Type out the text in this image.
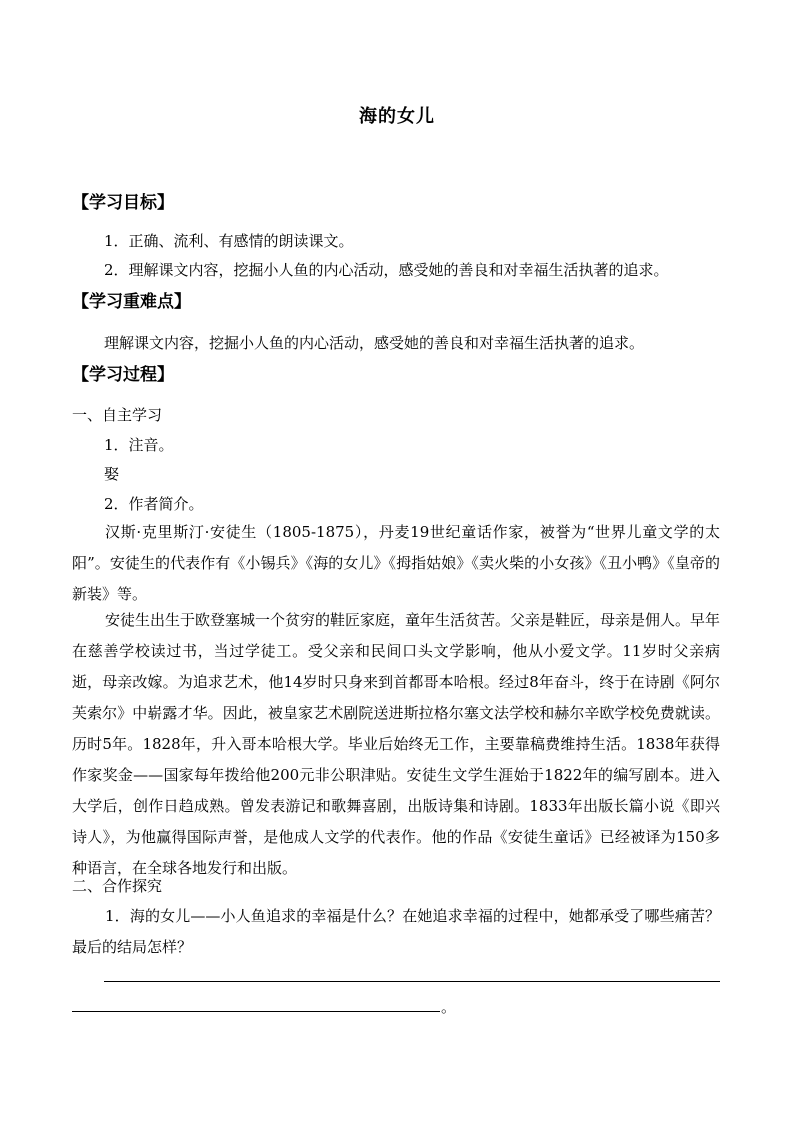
海的女儿
【学习目标】
1．正确、流利、有感情的朗读课文。
2．理解课文内容，挖掘小人鱼的内心活动，感受她的善良和对幸福生活执著的追求。
【学习重难点】
理解课文内容，挖掘小人鱼的内心活动，感受她的善良和对幸福生活执著的追求。
【学习过程】
一、自主学习
1．注音。
娶
2．作者简介。
汉斯·克里斯汀·安徒生（1805-1875），丹麦19世纪童话作家，被誉为“世界儿童文学的太阳”。安徒生的代表作有《小锡兵》《海的女儿》《拇指姑娘》《卖火柴的小女孩》《丑小鸭》《皇帝的新装》等。
安徒生出生于欧登塞城一个贫穷的鞋匠家庭，童年生活贫苦。父亲是鞋匠，母亲是佣人。早年在慈善学校读过书，当过学徒工。受父亲和民间口头文学影响，他从小爱文学。11岁时父亲病逝，母亲改嫁。为追求艺术，他14岁时只身来到首都哥本哈根。经过8年奋斗，终于在诗剧《阿尔芙索尔》中崭露才华。因此，被皇家艺术剧院送进斯拉格尔塞文法学校和赫尔辛欧学校免费就读。历时5年。1828年，升入哥本哈根大学。毕业后始终无工作，主要靠稿费维持生活。1838年获得作家奖金——国家每年拨给他200元非公职津贴。安徒生文学生涯始于1822年的编写剧本。进入大学后，创作日趋成熟。曾发表游记和歌舞喜剧，出版诗集和诗剧。1833年出版长篇小说《即兴诗人》，为他赢得国际声誉，是他成人文学的代表作。他的作品《安徒生童话》已经被译为150多种语言，在全球各地发行和出版。
二、合作探究
1．海的女儿——小人鱼追求的幸福是什么？在她追求幸福的过程中，她都承受了哪些痛苦？最后的结局怎样？
。
